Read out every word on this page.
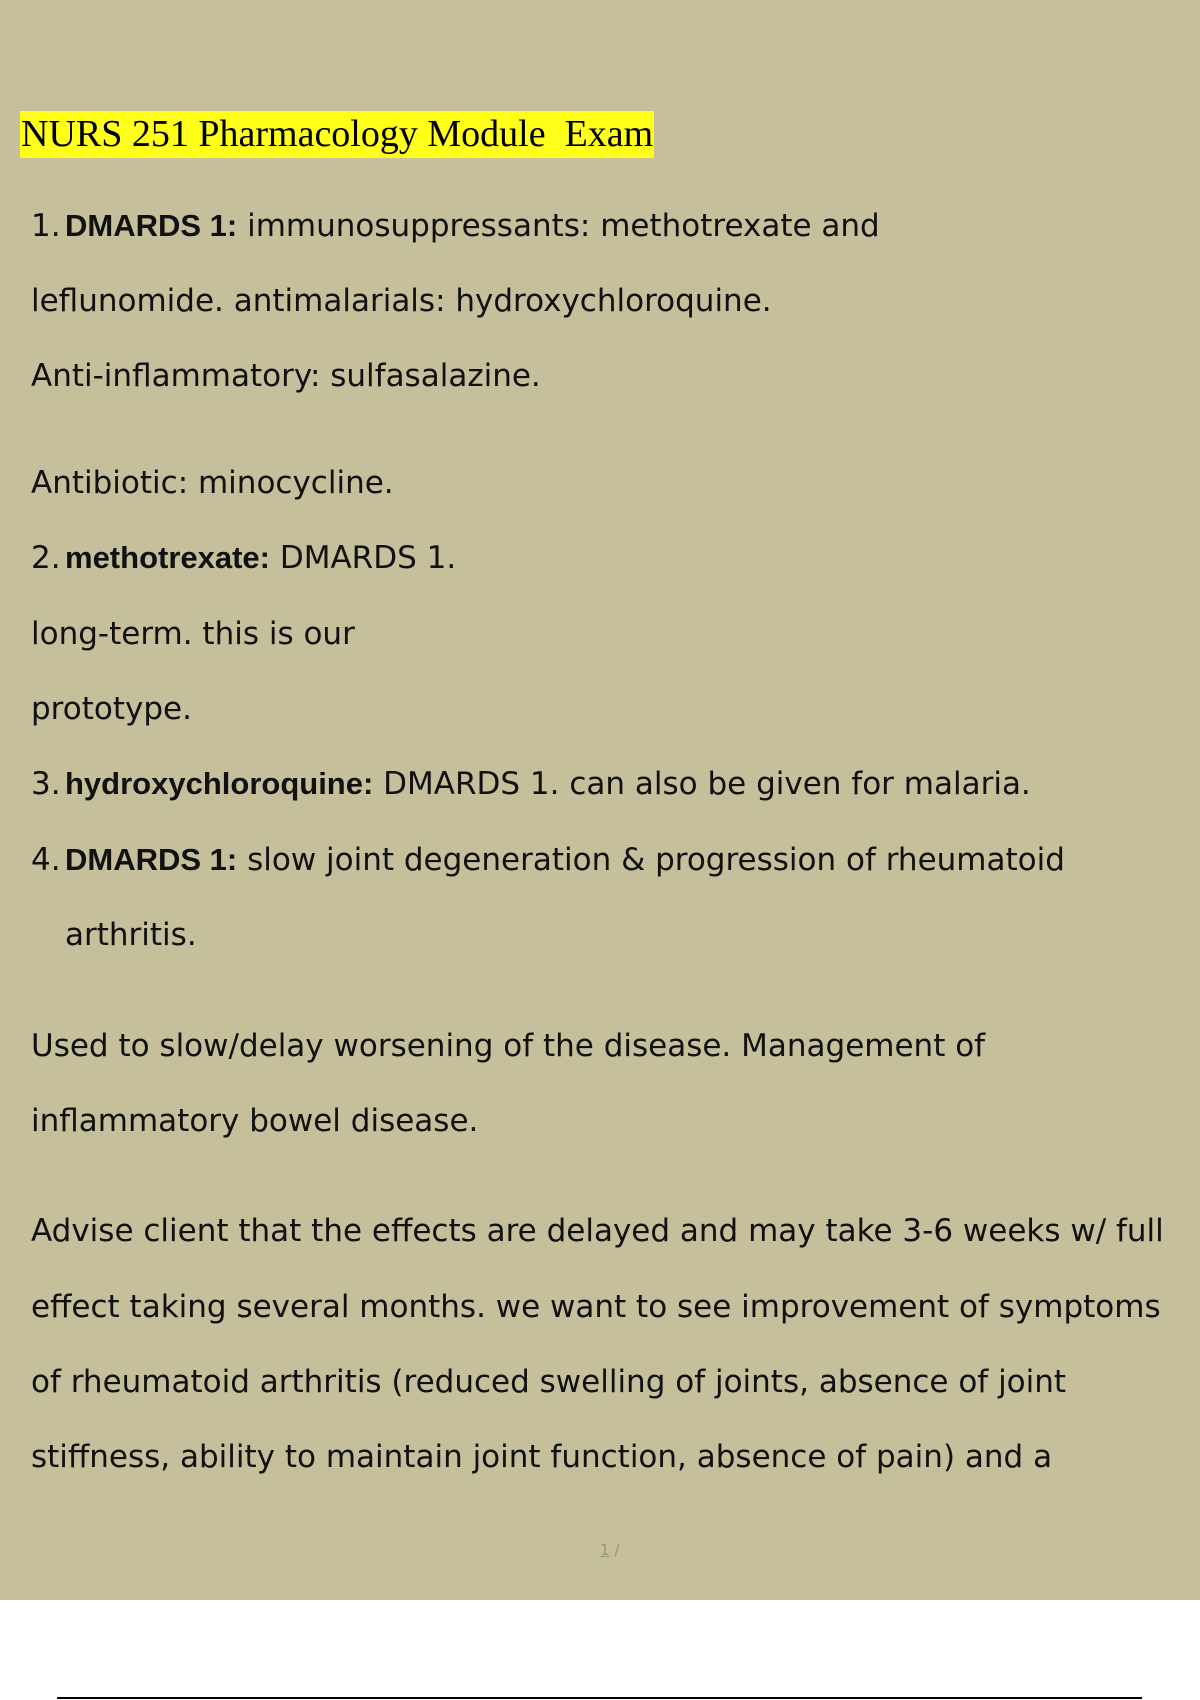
NURS 251 Pharmacology Module  Exam

1. DMARDS 1: immunosuppressants: methotrexate and

leflunomide. antimalarials: hydroxychloroquine.

Anti-inflammatory: sulfasalazine.

Antibiotic: minocycline.

2. methotrexate: DMARDS 1.

long-term. this is our

prototype.

3. hydroxychloroquine: DMARDS 1. can also be given for malaria.

4. DMARDS 1: slow joint degeneration & progression of rheumatoid

arthritis.

Used to slow/delay worsening of the disease. Management of

inflammatory bowel disease.

Advise client that the effects are delayed and may take 3-6 weeks w/ full

effect taking several months. we want to see improvement of symptoms

of rheumatoid arthritis (reduced swelling of joints, absence of joint

stiffness, ability to maintain joint function, absence of pain) and a

1 /
